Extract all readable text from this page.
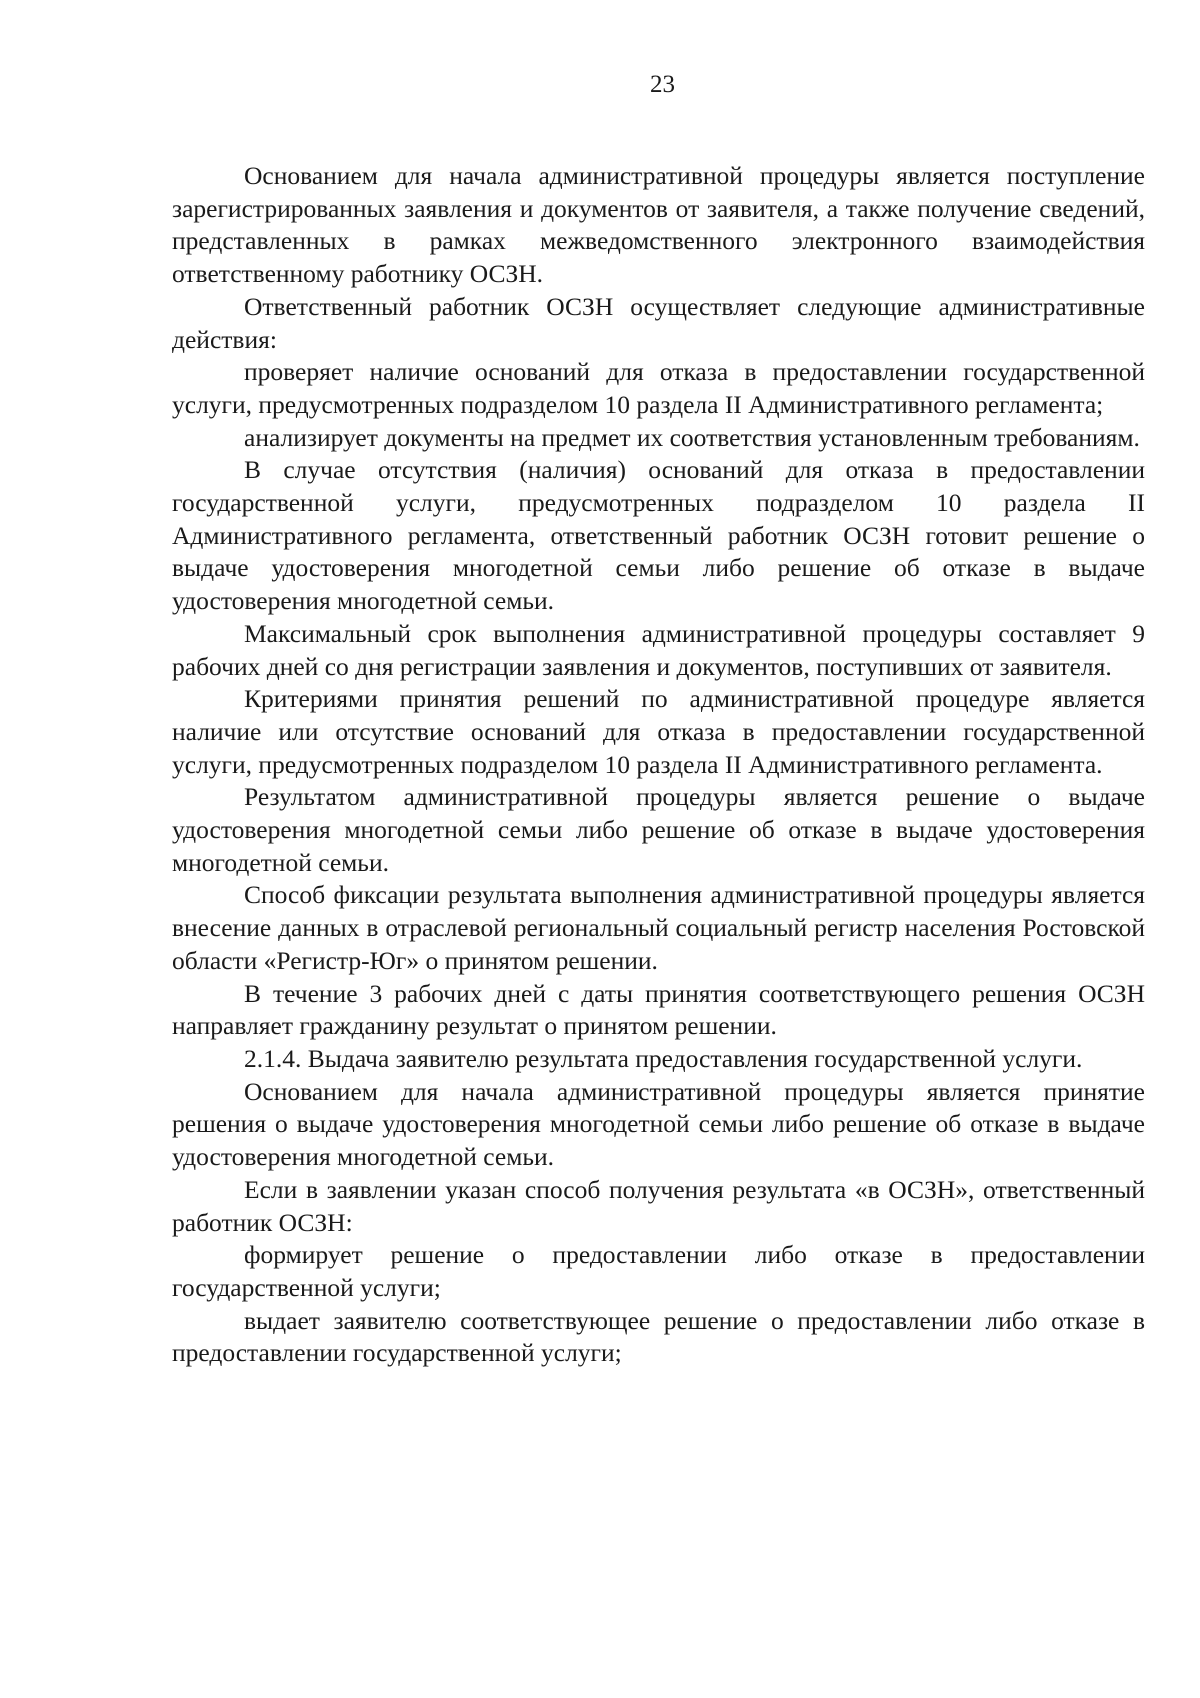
23

Основанием для начала административной процедуры является поступление зарегистрированных заявления и документов от заявителя, а также получение сведений, представленных в рамках межведомственного электронного взаимодействия ответственному работнику ОСЗН.

Ответственный работник ОСЗН осуществляет следующие административные действия:

проверяет наличие оснований для отказа в предоставлении государственной услуги, предусмотренных подразделом 10 раздела II Административного регламента;

анализирует документы на предмет их соответствия установленным требованиям.

В случае отсутствия (наличия) оснований для отказа в предоставлении государственной услуги, предусмотренных подразделом 10 раздела II Административного регламента, ответственный работник ОСЗН готовит решение о выдаче удостоверения многодетной семьи либо решение об отказе в выдаче удостоверения многодетной семьи.

Максимальный срок выполнения административной процедуры составляет 9 рабочих дней со дня регистрации заявления и документов, поступивших от заявителя.

Критериями принятия решений по административной процедуре является наличие или отсутствие оснований для отказа в предоставлении государственной услуги, предусмотренных подразделом 10 раздела II Административного регламента.

Результатом административной процедуры является решение о выдаче удостоверения многодетной семьи либо решение об отказе в выдаче удостоверения многодетной семьи.

Способ фиксации результата выполнения административной процедуры является внесение данных в отраслевой региональный социальный регистр населения Ростовской области «Регистр-Юг» о принятом решении.

В течение 3 рабочих дней с даты принятия соответствующего решения ОСЗН направляет гражданину результат о принятом решении.

2.1.4. Выдача заявителю результата предоставления государственной услуги.

Основанием для начала административной процедуры является принятие решения о выдаче удостоверения многодетной семьи либо решение об отказе в выдаче удостоверения многодетной семьи.

Если в заявлении указан способ получения результата «в ОСЗН», ответственный работник ОСЗН:

формирует решение о предоставлении либо отказе в предоставлении государственной услуги;

выдает заявителю соответствующее решение о предоставлении либо отказе в предоставлении государственной услуги;
